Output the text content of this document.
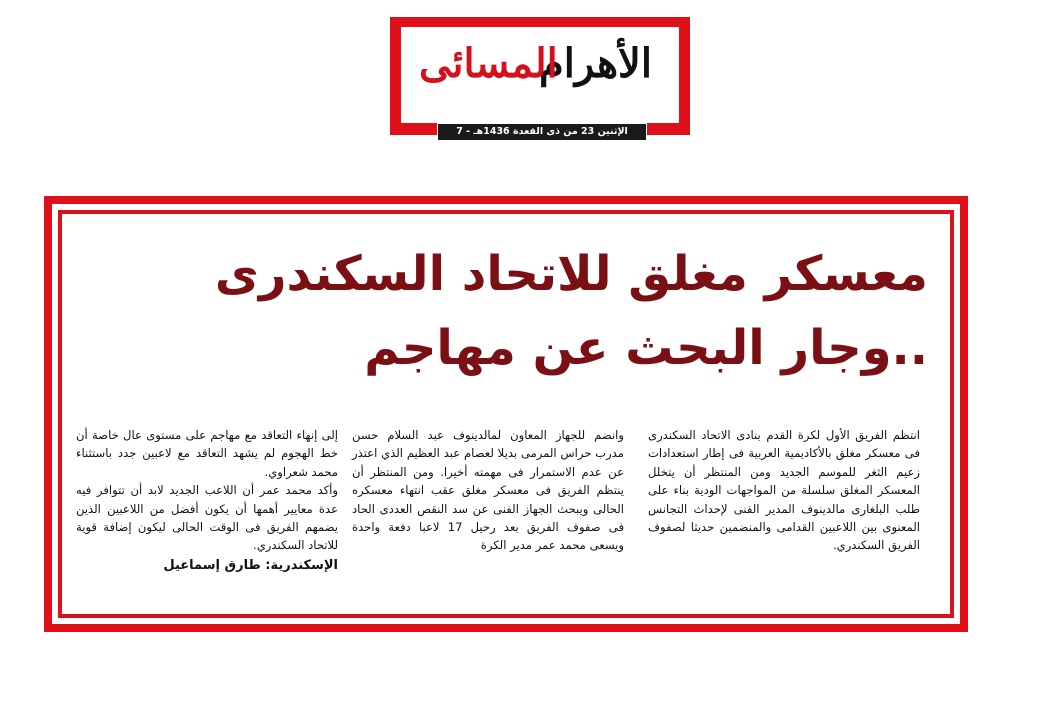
الأهرام
المسائى
الإثنين 23 من ذى القعدة 1436هـ - 7 سبتمبر 2015م
معسكر مغلق للاتحاد السكندرى
..وجار البحث عن مهاجم

انتظم الفريق الأول لكرة القدم بنادى الاتحاد السكندرى فى معسكر مغلق بالأكاديمية العربية فى إطار استعدادات زعيم الثغر للموسم الجديد ومن المنتظر أن يتخلل المعسكر المغلق سلسلة من المواجهات الودية بناء على طلب البلغارى مالدينوف المدير الفنى لإحداث التجانس المعنوى بين اللاعبين القدامى والمنضمين حديثا لصفوف الفريق السكندري.

وانضم للجهاز المعاون لمالدينوف عبد السلام حسن مدرب حراس المرمى بديلا لعصام عبد العظيم الذي اعتذر عن عدم الاستمرار فى مهمته أخيرا. ومن المنتظر أن ينتظم الفريق فى معسكر مغلق عقب انتهاء معسكره الحالى ويبحث الجهاز الفنى عن سد النقص العددى الحاد فى صفوف الفريق بعد رحيل 17 لاعبا دفعة واحدة ويسعى محمد عمر مدير الكرة

إلى إنهاء التعاقد مع مهاجم على مستوى عال خاصة أن خط الهجوم لم يشهد التعاقد مع لاعبين جدد باستثناء محمد شعراوي.

وأكد محمد عمر أن اللاعب الجديد لابد أن تتوافر فيه عدة معايير أهمها أن يكون أفضل من اللاعبين الذين يضمهم الفريق فى الوقت الحالى ليكون إضافة قوية للاتحاد السكندري.

الإسكندرية: طارق إسماعيل
